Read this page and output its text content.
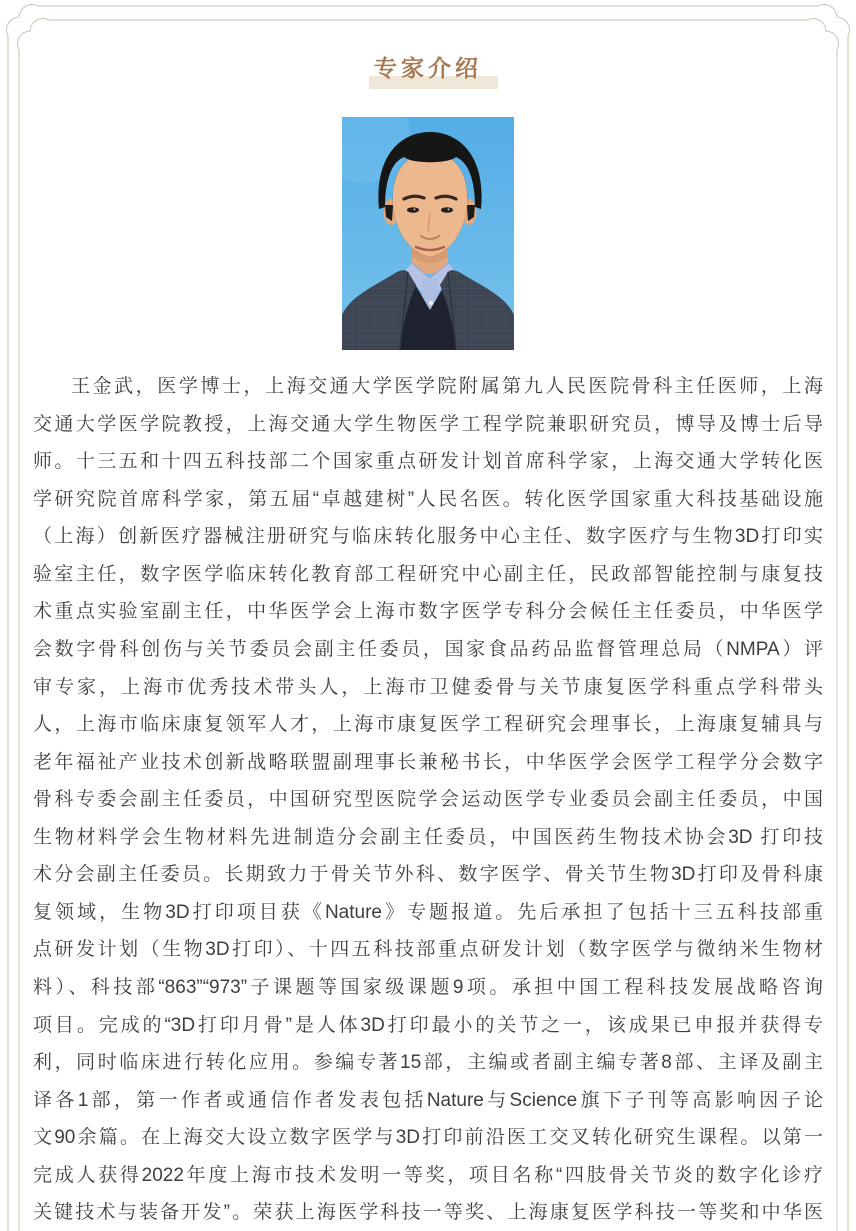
专家介绍
王金武，医学博士，上海交通大学医学院附属第九人民医院骨科主任医师，上海
交通大学医学院教授，上海交通大学生物医学工程学院兼职研究员，博导及博士后导
师。十三五和十四五科技部二个国家重点研发计划首席科学家，上海交通大学转化医
学研究院首席科学家，第五届“卓越建树”人民名医。转化医学国家重大科技基础设施
（上海）创新医疗器械注册研究与临床转化服务中心主任、数字医疗与生物3D打印实
验室主任，数字医学临床转化教育部工程研究中心副主任，民政部智能控制与康复技
术重点实验室副主任，中华医学会上海市数字医学专科分会候任主任委员，中华医学
会数字骨科创伤与关节委员会副主任委员，国家食品药品监督管理总局（NMPA）评
审专家，上海市优秀技术带头人，上海市卫健委骨与关节康复医学科重点学科带头
人，上海市临床康复领军人才，上海市康复医学工程研究会理事长，上海康复辅具与
老年福祉产业技术创新战略联盟副理事长兼秘书长，中华医学会医学工程学分会数字
骨科专委会副主任委员，中国研究型医院学会运动医学专业委员会副主任委员，中国
生物材料学会生物材料先进制造分会副主任委员，中国医药生物技术协会3D 打印技
术分会副主任委员。长期致力于骨关节外科、数字医学、骨关节生物3D打印及骨科康
复领域，生物3D打印项目获《Nature》专题报道。先后承担了包括十三五科技部重
点研发计划（生物3D打印）、十四五科技部重点研发计划（数字医学与微纳米生物材
料）、科技部“863”“973”子课题等国家级课题9项。承担中国工程科技发展战略咨询
项目。完成的“3D打印月骨”是人体3D打印最小的关节之一，该成果已申报并获得专
利，同时临床进行转化应用。参编专著15部，主编或者副主编专著8部、主译及副主
译各1部，第一作者或通信作者发表包括Nature与Science旗下子刊等高影响因子论
文90余篇。在上海交大设立数字医学与3D打印前沿医工交叉转化研究生课程。以第一
完成人获得2022年度上海市技术发明一等奖，项目名称“四肢骨关节炎的数字化诊疗
关键技术与装备开发”。荣获上海医学科技一等奖、上海康复医学科技一等奖和中华医
